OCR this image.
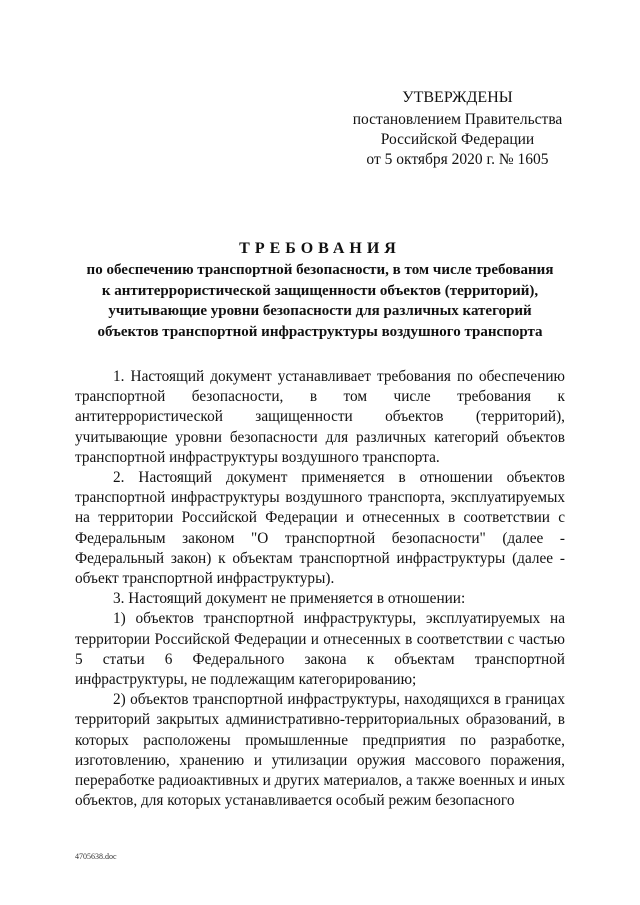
УТВЕРЖДЕНЫ
постановлением Правительства
Российской Федерации
от 5 октября 2020 г. № 1605
ТРЕБОВАНИЯ
по обеспечению транспортной безопасности, в том числе требования
к антитеррористической защищенности объектов (территорий),
учитывающие уровни безопасности для различных категорий
объектов транспортной инфраструктуры воздушного транспорта

1. Настоящий документ устанавливает требования по обеспечению транспортной безопасности, в том числе требования к антитеррористической защищенности объектов (территорий), учитывающие уровни безопасности для различных категорий объектов транспортной инфраструктуры воздушного транспорта.

2. Настоящий документ применяется в отношении объектов транспортной инфраструктуры воздушного транспорта, эксплуатируемых на территории Российской Федерации и отнесенных в соответствии с Федеральным законом "О транспортной безопасности" (далее - Федеральный закон) к объектам транспортной инфраструктуры (далее - объект транспортной инфраструктуры).

3. Настоящий документ не применяется в отношении:

1) объектов транспортной инфраструктуры, эксплуатируемых на территории Российской Федерации и отнесенных в соответствии с частью 5 статьи 6 Федерального закона к объектам транспортной инфраструктуры, не подлежащим категорированию;

2) объектов транспортной инфраструктуры, находящихся в границах территорий закрытых административно-территориальных образований, в которых расположены промышленные предприятия по разработке, изготовлению, хранению и утилизации оружия массового поражения, переработке радиоактивных и других материалов, а также военных и иных объектов, для которых устанавливается особый режим безопасного

4705638.doc
